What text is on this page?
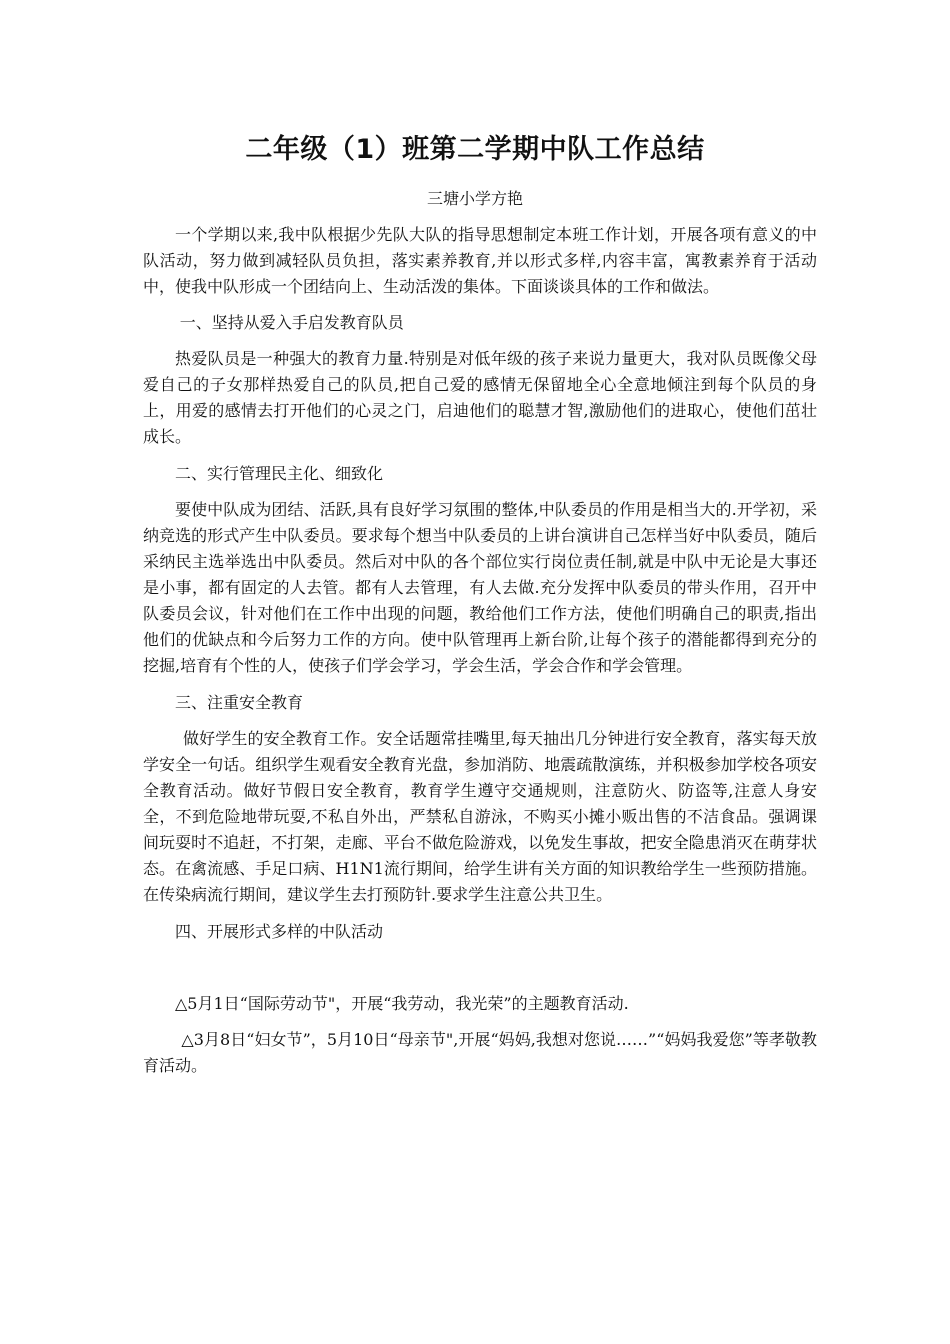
二年级（1）班第二学期中队工作总结

三塘小学方艳

一个学期以来,我中队根据少先队大队的指导思想制定本班工作计划，开展各项有意义的中队活动，努力做到减轻队员负担，落实素养教育,并以形式多样,内容丰富，寓教素养育于活动中，使我中队形成一个团结向上、生动活泼的集体。下面谈谈具体的工作和做法。

一、坚持从爱入手启发教育队员

热爱队员是一种强大的教育力量.特别是对低年级的孩子来说力量更大，我对队员既像父母爱自己的子女那样热爱自己的队员,把自己爱的感情无保留地全心全意地倾注到每个队员的身上，用爱的感情去打开他们的心灵之门，启迪他们的聪慧才智,激励他们的进取心，使他们茁壮成长。

二、实行管理民主化、细致化

要使中队成为团结、活跃,具有良好学习氛围的整体,中队委员的作用是相当大的.开学初，采纳竞选的形式产生中队委员。要求每个想当中队委员的上讲台演讲自己怎样当好中队委员，随后采纳民主选举选出中队委员。然后对中队的各个部位实行岗位责任制,就是中队中无论是大事还是小事，都有固定的人去管。都有人去管理，有人去做.充分发挥中队委员的带头作用，召开中队委员会议，针对他们在工作中出现的问题，教给他们工作方法，使他们明确自己的职责,指出他们的优缺点和今后努力工作的方向。使中队管理再上新台阶,让每个孩子的潜能都得到充分的挖掘,培育有个性的人，使孩子们学会学习，学会生活，学会合作和学会管理。

三、注重安全教育

做好学生的安全教育工作。安全话题常挂嘴里,每天抽出几分钟进行安全教育，落实每天放学安全一句话。组织学生观看安全教育光盘，参加消防、地震疏散演练，并积极参加学校各项安全教育活动。做好节假日安全教育，教育学生遵守交通规则，注意防火、防盗等,注意人身安全，不到危险地带玩耍,不私自外出，严禁私自游泳，不购买小摊小贩出售的不洁食品。强调课间玩耍时不追赶，不打架，走廊、平台不做危险游戏，以免发生事故，把安全隐患消灭在萌芽状态。在禽流感、手足口病、H1N1流行期间，给学生讲有关方面的知识教给学生一些预防措施。在传染病流行期间，建议学生去打预防针.要求学生注意公共卫生。

四、开展形式多样的中队活动

△5月1日“国际劳动节"，开展“我劳动，我光荣”的主题教育活动.

△3月8日“妇女节”，5月10日“母亲节",开展“妈妈,我想对您说……”“妈妈我爱您”等孝敬教育活动。
